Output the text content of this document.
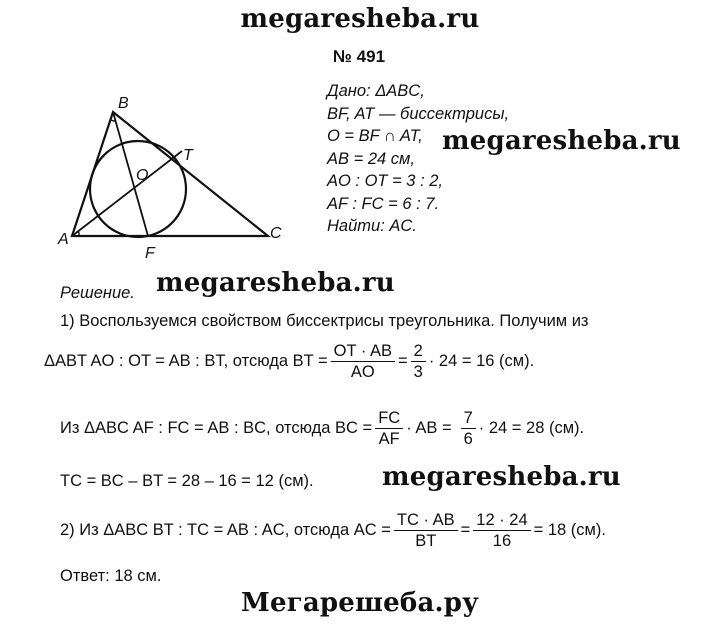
megaresheba.ru
A
B
C
O
T
F
№ 491
Дано: ΔABC,
BF, AT — биссектрисы,
O = BF ∩ AT,
AB = 24 см,
AO : OT = 3 : 2,
AF : FC = 6 : 7.
Найти: AC.
megaresheba.ru
Решение. megaresheba.ru
1) Воспользуемся свойством биссектрисы треугольника. Получим из
ΔABT AO : OT = AB : BT, отсюда BT = $\frac{OT \cdot AB}{AO} = \frac{2}{3} \cdot 24 = 16$ (см).
Из ΔABC AF : FC = AB : BC, отсюда BC = $\frac{FC}{AF}$ · AB = $\frac{7}{6} \cdot 24 = 28$ (см).
TC = BC – BT = 28 – 16 = 12 (см).	megaresheba.ru
2) Из ΔABC BT : TC = AB : AC, отсюда AC = $\frac{TC \cdot AB}{BT} = \frac{12 \cdot 24}{16} = 18$ (см).
Ответ: 18 см.
Мегарешеба.ру
